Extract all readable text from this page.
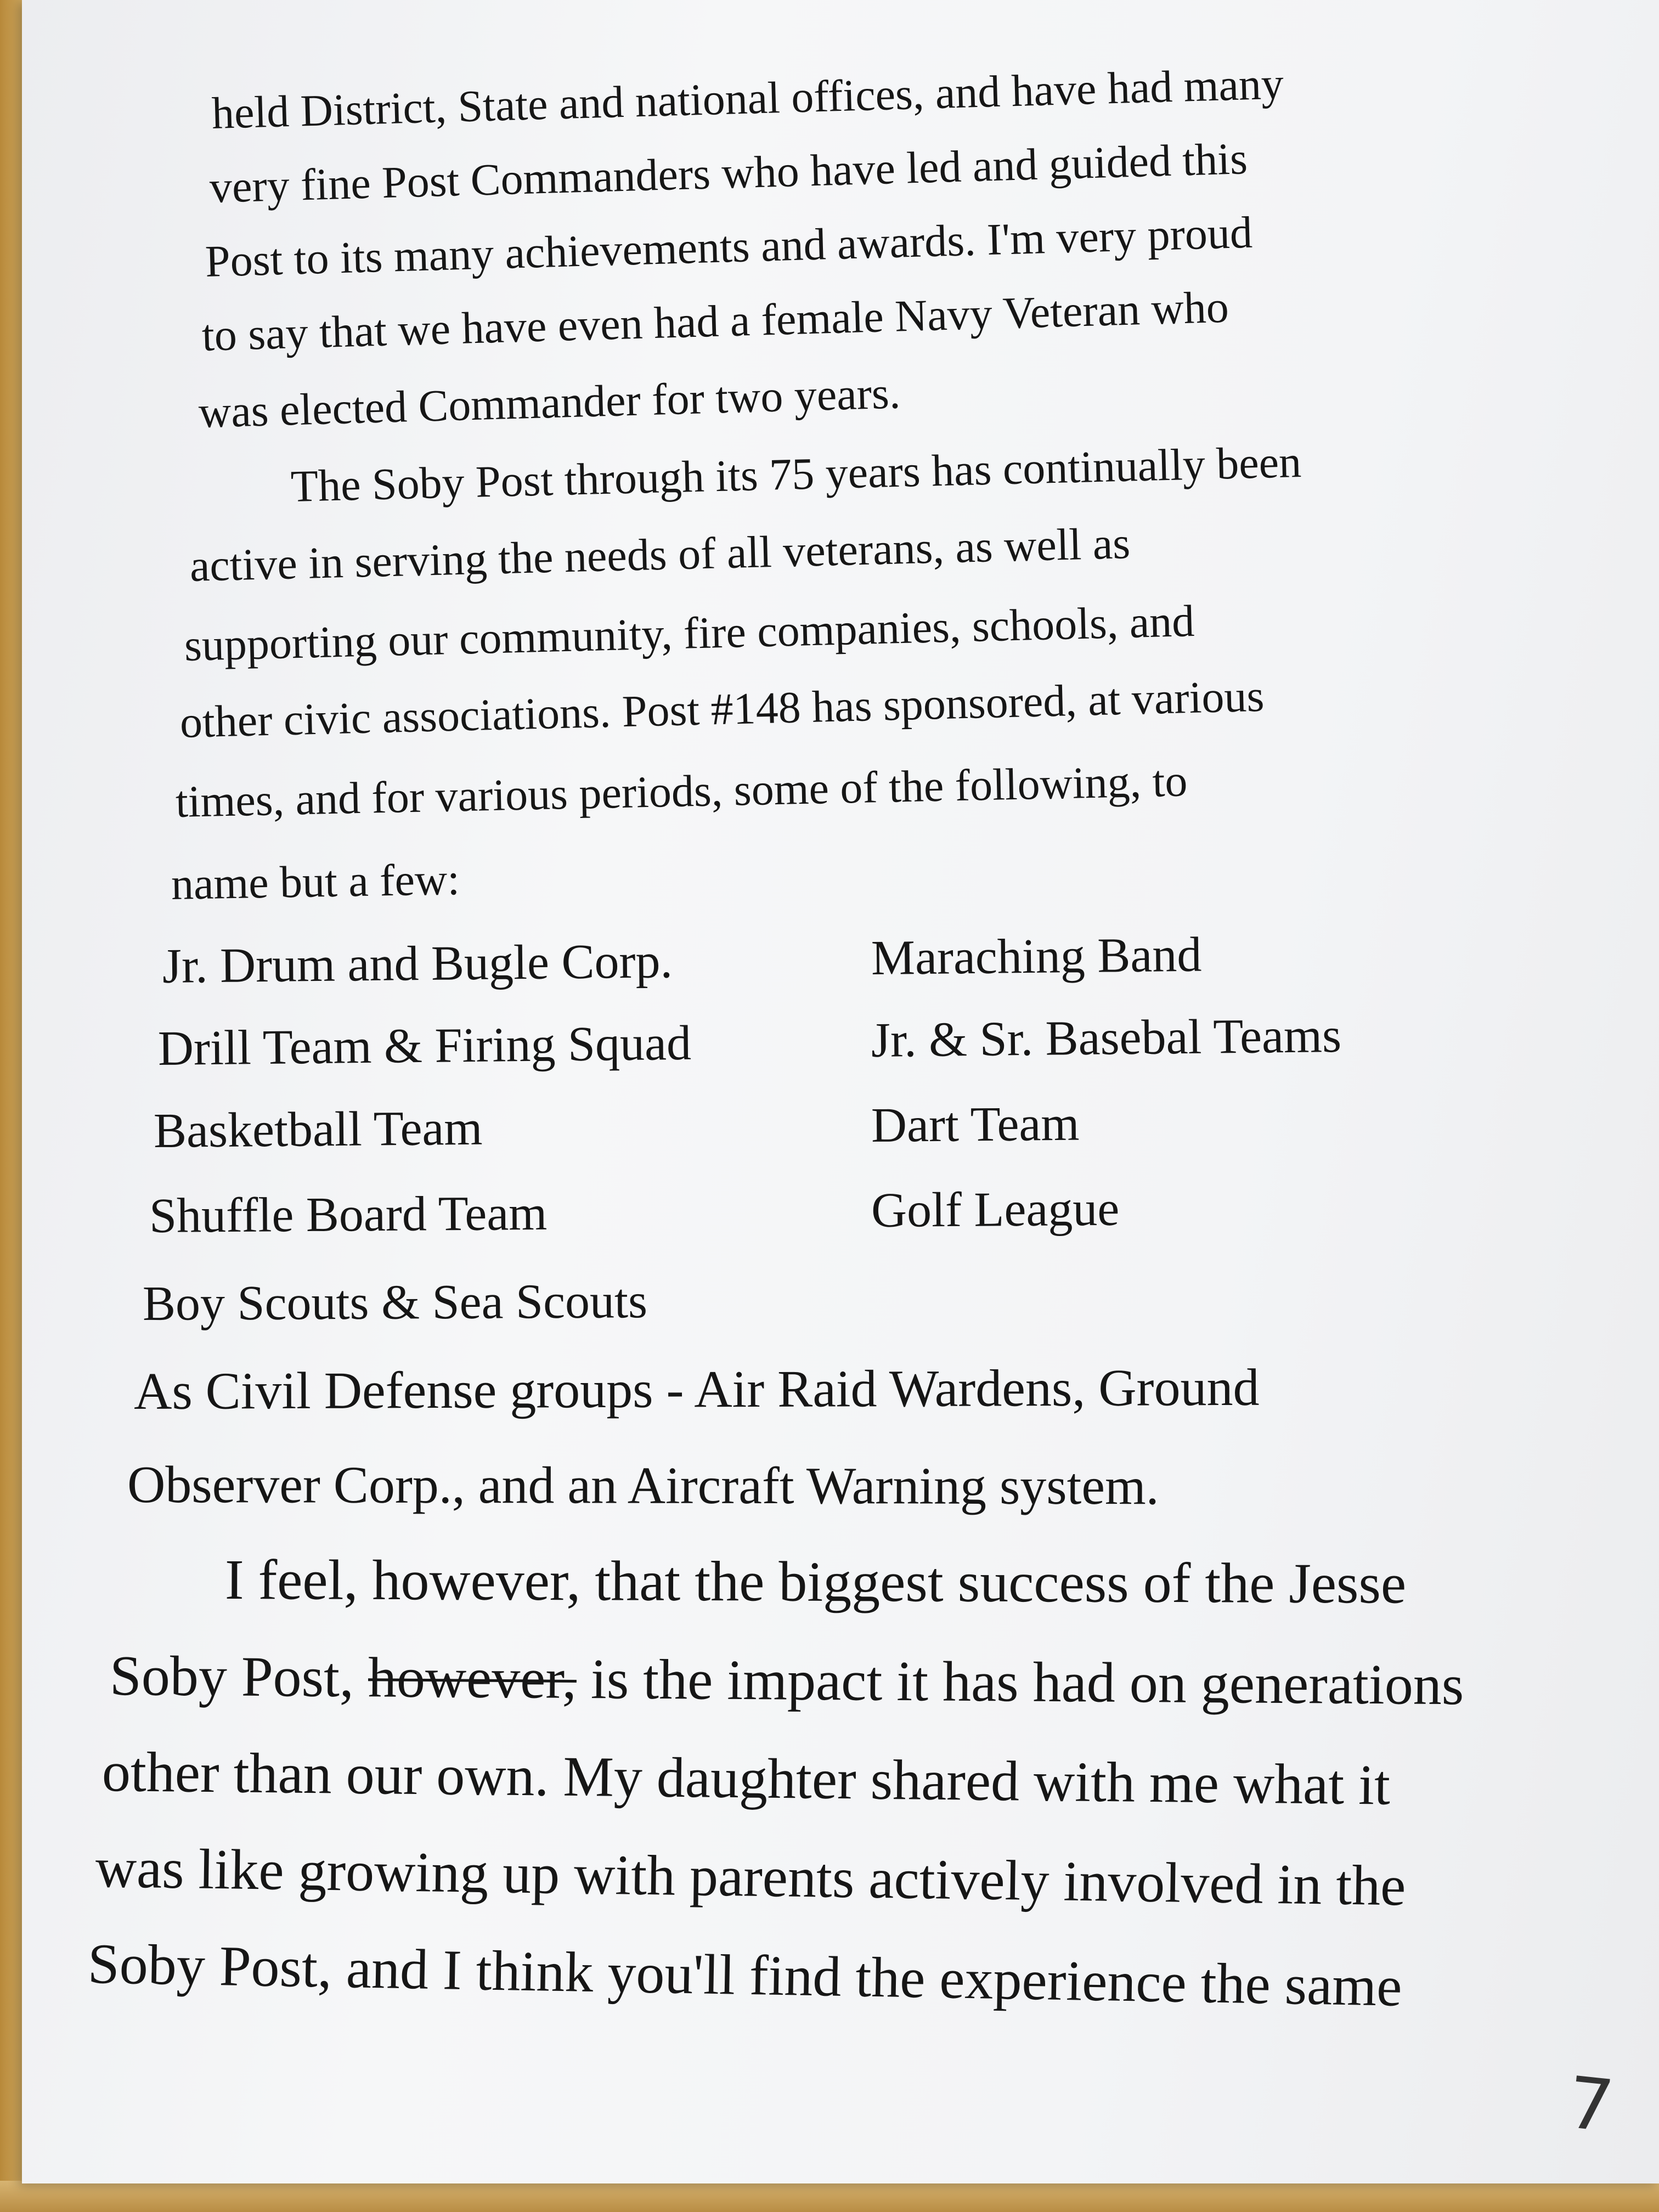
held District, State and national offices, and have had many
very fine Post Commanders who have led and guided this
Post to its many achievements and awards. I'm very proud
to say that we have even had a female Navy Veteran who
was elected Commander for two years.
The Soby Post through its 75 years has continually been
active in serving the needs of all veterans, as well as
supporting our community, fire companies, schools, and
other civic associations. Post #148 has sponsored, at various
times, and for various periods, some of the following, to
name but a few:
Jr. Drum and Bugle Corp.
Drill Team & Firing Squad
Basketball Team
Shuffle Board Team
Boy Scouts & Sea Scouts
Maraching Band
Jr. & Sr. Basebal Teams
Dart Team
Golf League
As Civil Defense groups - Air Raid Wardens, Ground
Observer Corp., and an Aircraft Warning system.
I feel, however, that the biggest success of the Jesse
Soby Post, however, is the impact it has had on generations
other than our own. My daughter shared with me what it
was like growing up with parents actively involved in the
Soby Post, and I think you'll find the experience the same
7
